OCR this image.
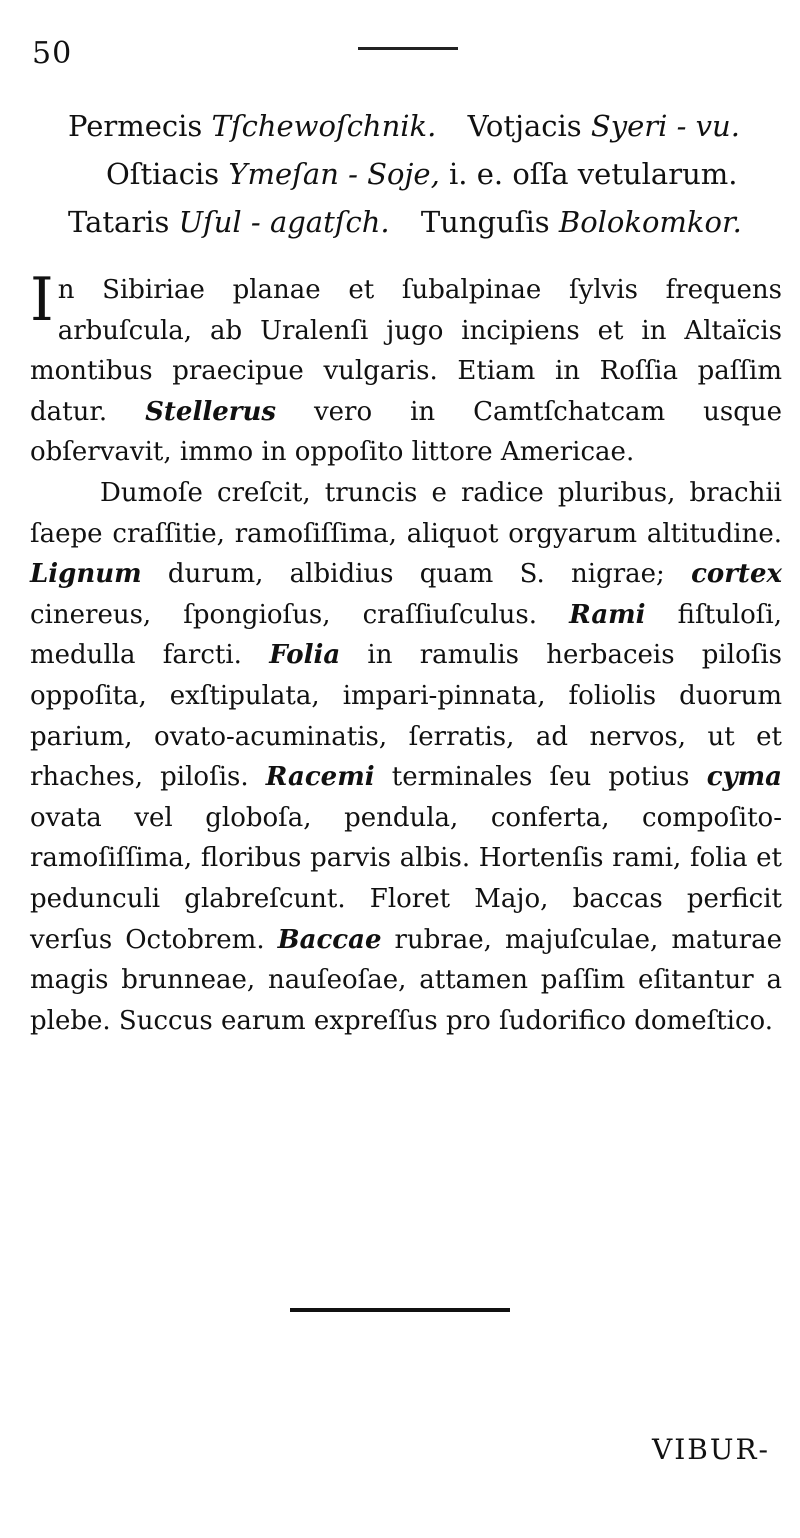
50
Permecis Tſchewoſchnik. Votjacis Syeri - vu.
Oſtiacis Ymeſan - Soje, i. e. oſſa vetularum.
Tataris Uſul - agatſch. Tunguſis Bolokomkor.

In Sibiriae planae et ſubalpinae ſylvis frequens arbuſcula, ab Uralenſi jugo incipiens et in Altaïcis montibus praecipue vulgaris. Etiam in Roſſia paſſim datur. Stellerus vero in Camtſchatcam usque obſervavit, immo in oppoſito littore Americae.

Dumoſe creſcit, truncis e radice pluribus, brachii ſaepe craſſitie, ramoſiſſima, aliquot orgyarum altitudine. Lignum durum, albidius quam S. nigrae; cortex cinereus, ſpongioſus, craſſiuſculus. Rami fiſtuloſi, medulla farcti. Folia in ramulis herbaceis piloſis oppoſita, exſtipulata, impari-pinnata, foliolis duorum parium, ovato-acuminatis, ſerratis, ad nervos, ut et rhaches, piloſis. Racemi terminales ſeu potius cyma ovata vel globoſa, pendula, conferta, compoſito-ramoſiſſima, floribus parvis albis. Hortenſis rami, folia et pedunculi glabreſcunt. Floret Majo, baccas perficit verſus Octobrem. Baccae rubrae, majuſculae, maturae magis brunneae, nauſeoſae, attamen paſſim eſitantur a plebe. Succus earum expreſſus pro ſudorifico domeſtico.

VIBUR-
